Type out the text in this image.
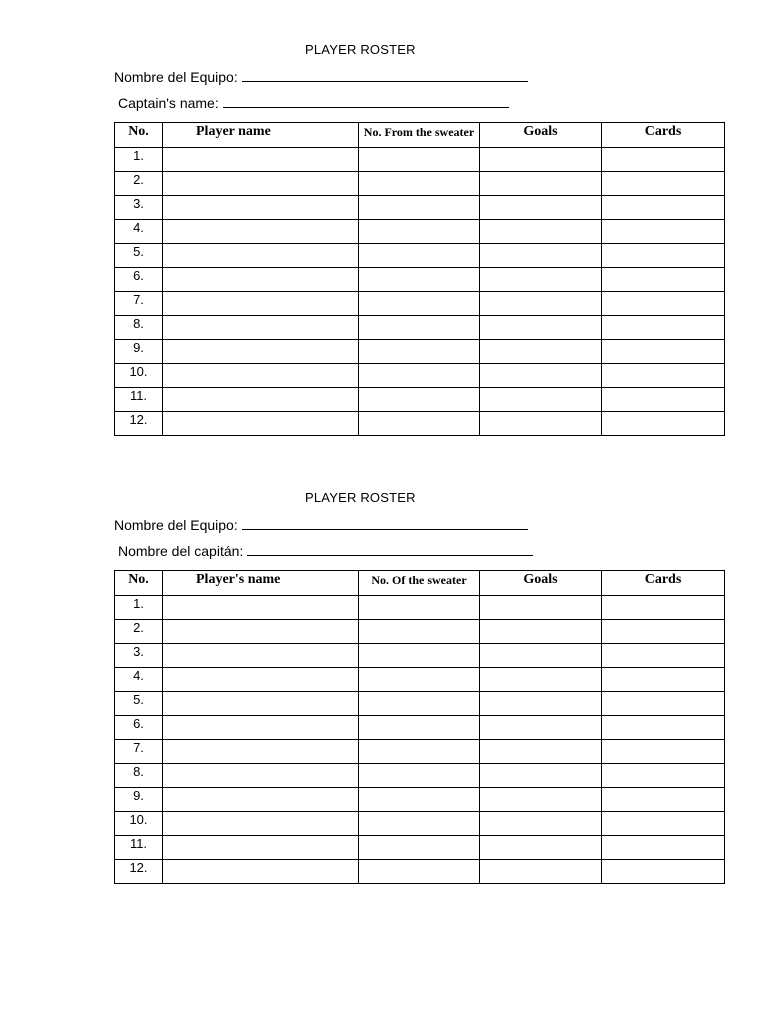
PLAYER ROSTER
Nombre del Equipo:
Captain's name:
No.	Player name	No. From the sweater	Goals	Cards
1.				
2.				
3.				
4.				
5.				
6.				
7.				
8.				
9.				
10.				
11.				
12.				
PLAYER ROSTER
Nombre del Equipo:
Nombre del capitán:
No.	Player's name	No. Of the sweater	Goals	Cards
1.				
2.				
3.				
4.				
5.				
6.				
7.				
8.				
9.				
10.				
11.				
12.				
